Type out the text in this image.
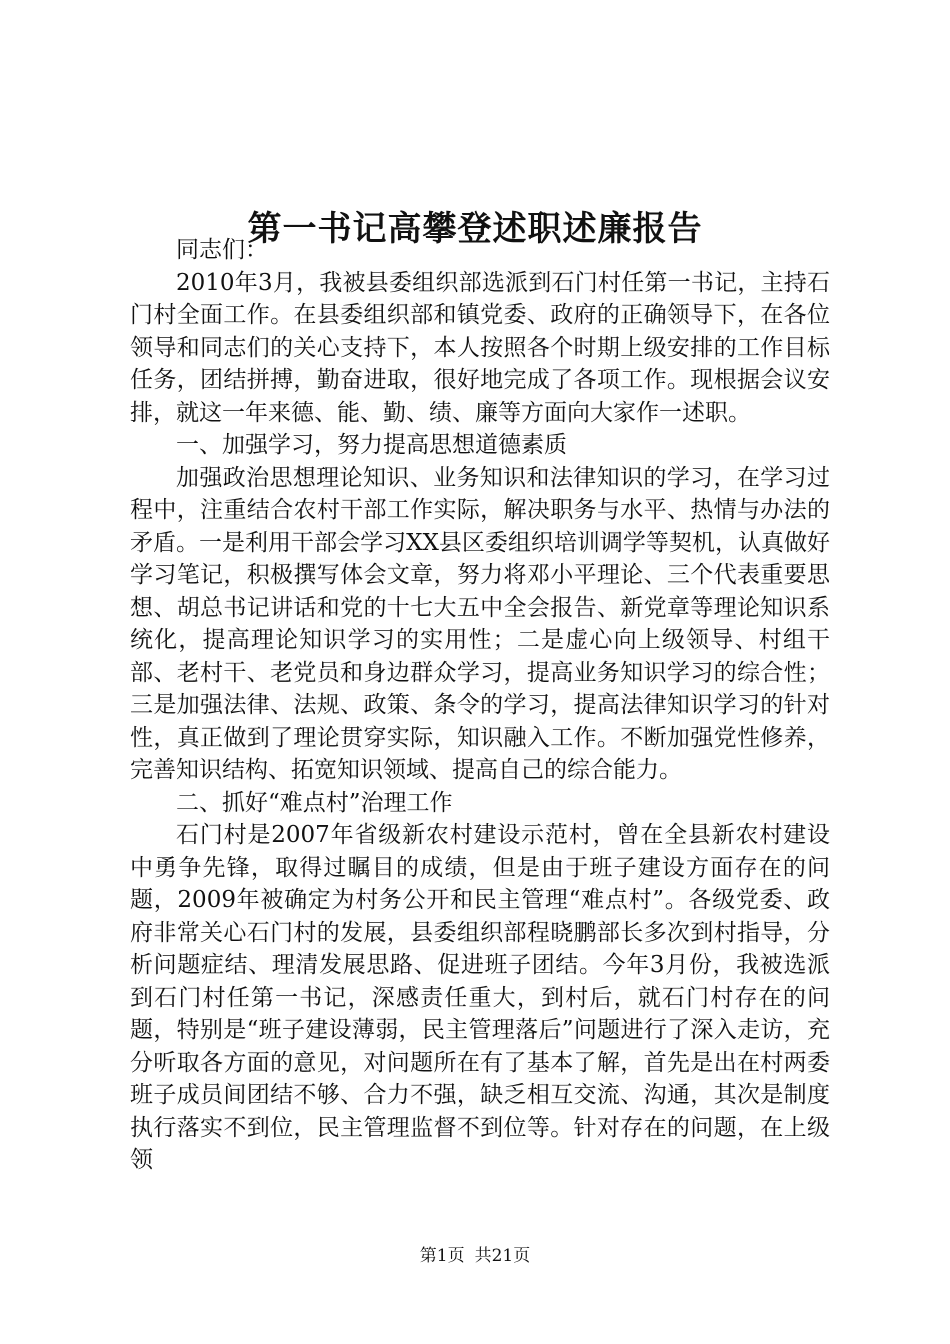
第一书记高攀登述职述廉报告

同志们：

2010年3月，我被县委组织部选派到石门村任第一书记，主持石门村全面工作。在县委组织部和镇党委、政府的正确领导下，在各位领导和同志们的关心支持下，本人按照各个时期上级安排的工作目标任务，团结拼搏，勤奋进取，很好地完成了各项工作。现根据会议安排，就这一年来德、能、勤、绩、廉等方面向大家作一述职。

一、加强学习，努力提高思想道德素质

加强政治思想理论知识、业务知识和法律知识的学习，在学习过程中，注重结合农村干部工作实际，解决职务与水平、热情与办法的矛盾。一是利用干部会学习XX县区委组织培训调学等契机，认真做好学习笔记，积极撰写体会文章，努力将邓小平理论、三个代表重要思想、胡总书记讲话和党的十七大五中全会报告、新党章等理论知识系统化，提高理论知识学习的实用性；二是虚心向上级领导、村组干部、老村干、老党员和身边群众学习，提高业务知识学习的综合性；三是加强法律、法规、政策、条令的学习，提高法律知识学习的针对性，真正做到了理论贯穿实际，知识融入工作。不断加强党性修养，完善知识结构、拓宽知识领域、提高自己的综合能力。

二、抓好“难点村”治理工作

石门村是2007年省级新农村建设示范村，曾在全县新农村建设中勇争先锋，取得过瞩目的成绩，但是由于班子建设方面存在的问题，2009年被确定为村务公开和民主管理“难点村”。各级党委、政府非常关心石门村的发展，县委组织部程晓鹏部长多次到村指导，分析问题症结、理清发展思路、促进班子团结。今年3月份，我被选派到石门村任第一书记，深感责任重大，到村后，就石门村存在的问题，特别是“班子建设薄弱，民主管理落后”问题进行了深入走访，充分听取各方面的意见，对问题所在有了基本了解，首先是出在村两委班子成员间团结不够、合力不强，缺乏相互交流、沟通，其次是制度执行落实不到位，民主管理监督不到位等。针对存在的问题，在上级领

第1页 共21页
